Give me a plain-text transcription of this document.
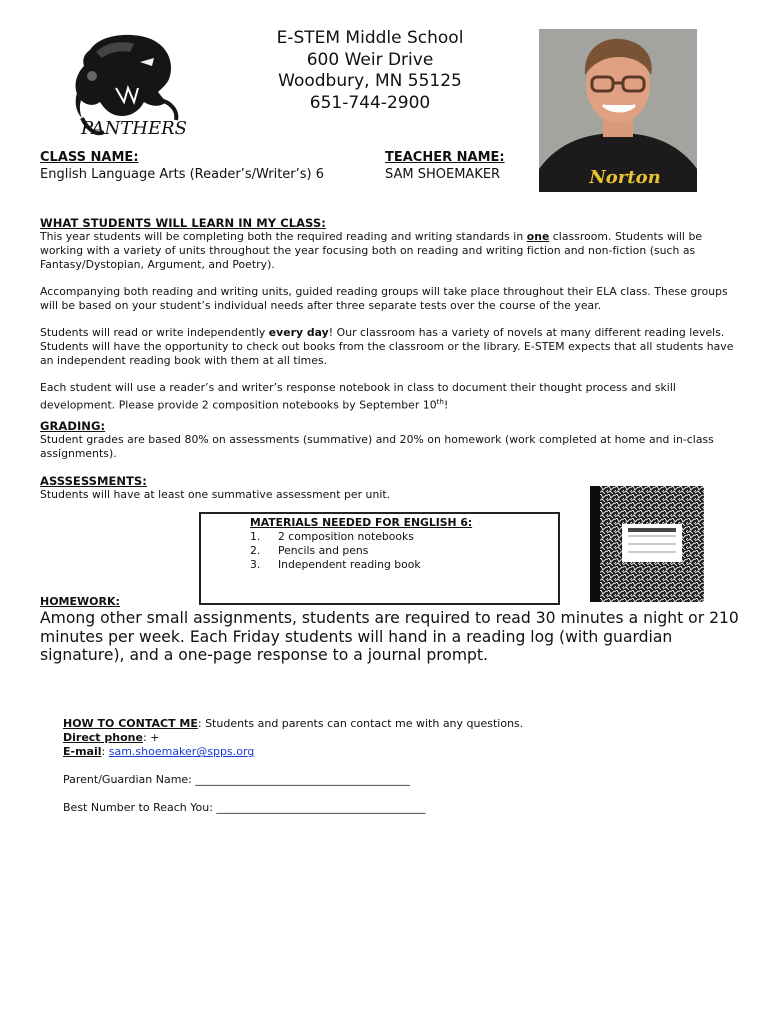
E-STEM Middle School
600 Weir Drive
Woodbury, MN 55125
651-744-2900
PANTHERS
Norton
CLASS NAME:
English Language Arts (Reader’s/Writer’s) 6
TEACHER NAME:
SAM SHOEMAKER
WHAT STUDENTS WILL LEARN IN MY CLASS:

This year students will be completing both the required reading and writing standards in one classroom. Students will be working with a variety of units throughout the year focusing both on reading and writing fiction and non-fiction (such as Fantasy/Dystopian, Argument, and Poetry).

Accompanying both reading and writing units, guided reading groups will take place throughout their ELA class. These groups will be based on your student’s individual needs after three separate tests over the course of the year.

Students will read or write independently every day! Our classroom has a variety of novels at many different reading levels. Students will have the opportunity to check out books from the classroom or the library. E-STEM expects that all students have an independent reading book with them at all times.

Each student will use a reader’s and writer’s response notebook in class to document their thought process and skill development. Please provide 2 composition notebooks by September 10th!

GRADING:

Student grades are based 80% on assessments (summative) and 20% on homework (work completed at home and in-class assignments).

ASSSESSMENTS:

Students will have at least one summative assessment per unit.

MATERIALS NEEDED FOR ENGLISH 6:
1.	2 composition notebooks
2.	Pencils and pens
3.	Independent reading book
HOMEWORK:
Among other small assignments, students are required to read 30 minutes a night or 210 minutes per week. Each Friday students will hand in a reading log (with guardian signature), and a one-page response to a journal prompt.
HOW TO CONTACT ME: Students and parents can contact me with any questions.
Direct phone: +
E-mail: sam.shoemaker@spps.org
Parent/Guardian Name: _______________________________________
Best Number to Reach You: ______________________________________
